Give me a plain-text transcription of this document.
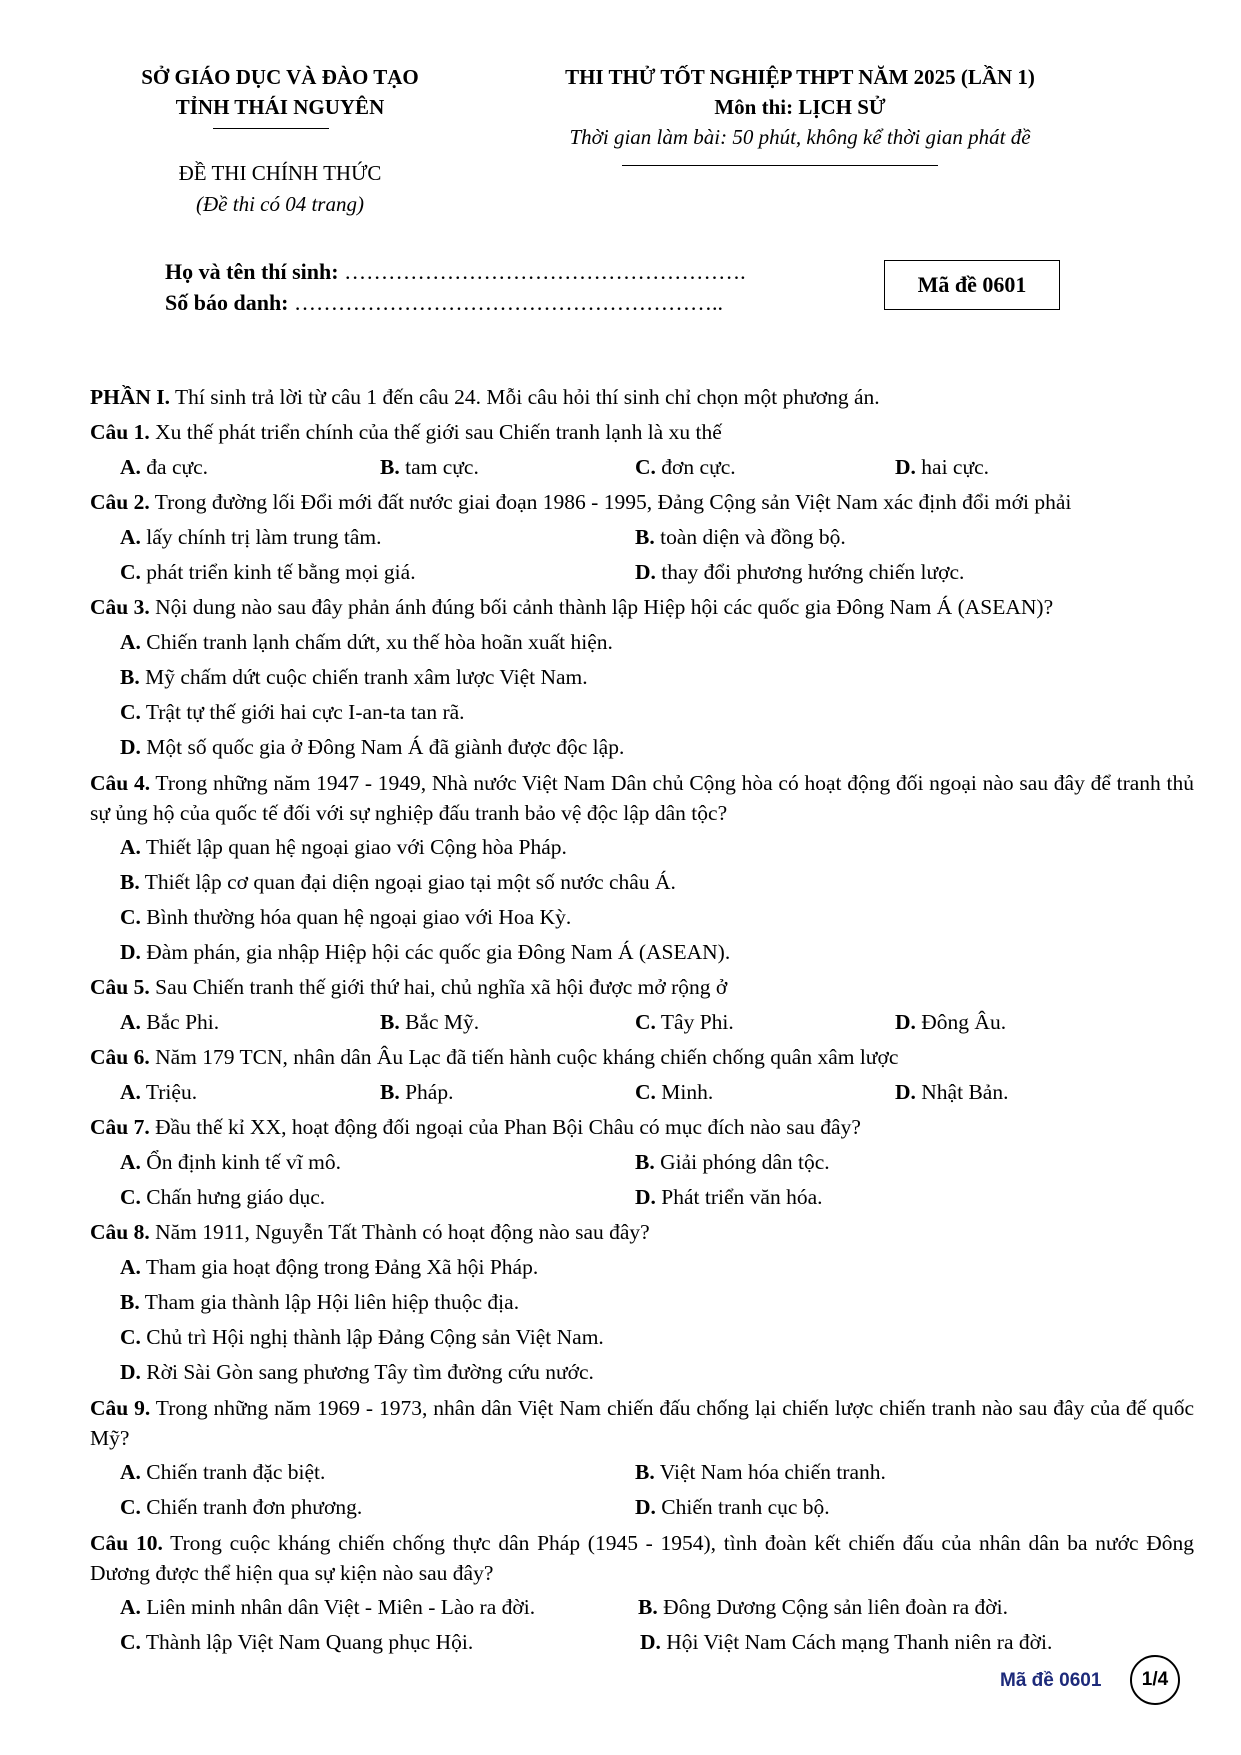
SỞ GIÁO DỤC VÀ ĐÀO TẠO
TỈNH THÁI NGUYÊN
THI THỬ TỐT NGHIỆP THPT NĂM 2025 (LẦN 1)
Môn thi: LỊCH SỬ
Thời gian làm bài: 50 phút, không kể thời gian phát đề
ĐỀ THI CHÍNH THỨC
(Đề thi có 04 trang)
Họ và tên thí sinh: ……………………………………………….
Số báo danh: …………………………………………………..
Mã đề 0601
PHẦN I. Thí sinh trả lời từ câu 1 đến câu 24. Mỗi câu hỏi thí sinh chỉ chọn một phương án.
Câu 1. Xu thế phát triển chính của thế giới sau Chiến tranh lạnh là xu thế
A. đa cực.	B. tam cực.	C. đơn cực.	D. hai cực.
Câu 2. Trong đường lối Đổi mới đất nước giai đoạn 1986 - 1995, Đảng Cộng sản Việt Nam xác định đổi mới phải
A. lấy chính trị làm trung tâm.	B. toàn diện và đồng bộ.
C. phát triển kinh tế bằng mọi giá.	D. thay đổi phương hướng chiến lược.
Câu 3. Nội dung nào sau đây phản ánh đúng bối cảnh thành lập Hiệp hội các quốc gia Đông Nam Á (ASEAN)?
A. Chiến tranh lạnh chấm dứt, xu thế hòa hoãn xuất hiện.
B. Mỹ chấm dứt cuộc chiến tranh xâm lược Việt Nam.
C. Trật tự thế giới hai cực I-an-ta tan rã.
D. Một số quốc gia ở Đông Nam Á đã giành được độc lập.
Câu 4. Trong những năm 1947 - 1949, Nhà nước Việt Nam Dân chủ Cộng hòa có hoạt động đối ngoại nào sau đây để tranh thủ sự ủng hộ của quốc tế đối với sự nghiệp đấu tranh bảo vệ độc lập dân tộc?
A. Thiết lập quan hệ ngoại giao với Cộng hòa Pháp.
B. Thiết lập cơ quan đại diện ngoại giao tại một số nước châu Á.
C. Bình thường hóa quan hệ ngoại giao với Hoa Kỳ.
D. Đàm phán, gia nhập Hiệp hội các quốc gia Đông Nam Á (ASEAN).
Câu 5. Sau Chiến tranh thế giới thứ hai, chủ nghĩa xã hội được mở rộng ở
A. Bắc Phi.	B. Bắc Mỹ.	C. Tây Phi.	D. Đông Âu.
Câu 6. Năm 179 TCN, nhân dân Âu Lạc đã tiến hành cuộc kháng chiến chống quân xâm lược
A. Triệu.	B. Pháp.	C. Minh.	D. Nhật Bản.
Câu 7. Đầu thế kỉ XX, hoạt động đối ngoại của Phan Bội Châu có mục đích nào sau đây?
A. Ổn định kinh tế vĩ mô.	B. Giải phóng dân tộc.
C. Chấn hưng giáo dục.	D. Phát triển văn hóa.
Câu 8. Năm 1911, Nguyễn Tất Thành có hoạt động nào sau đây?
A. Tham gia hoạt động trong Đảng Xã hội Pháp.
B. Tham gia thành lập Hội liên hiệp thuộc địa.
C. Chủ trì Hội nghị thành lập Đảng Cộng sản Việt Nam.
D. Rời Sài Gòn sang phương Tây tìm đường cứu nước.
Câu 9. Trong những năm 1969 - 1973, nhân dân Việt Nam chiến đấu chống lại chiến lược chiến tranh nào sau đây của đế quốc Mỹ?
A. Chiến tranh đặc biệt.	B. Việt Nam hóa chiến tranh.
C. Chiến tranh đơn phương.	D. Chiến tranh cục bộ.
Câu 10. Trong cuộc kháng chiến chống thực dân Pháp (1945 - 1954), tình đoàn kết chiến đấu của nhân dân ba nước Đông Dương được thể hiện qua sự kiện nào sau đây?
A. Liên minh nhân dân Việt - Miên - Lào ra đời.	B. Đông Dương Cộng sản liên đoàn ra đời.
C. Thành lập Việt Nam Quang phục Hội.	D. Hội Việt Nam Cách mạng Thanh niên ra đời.
Mã đề 0601	1/4
